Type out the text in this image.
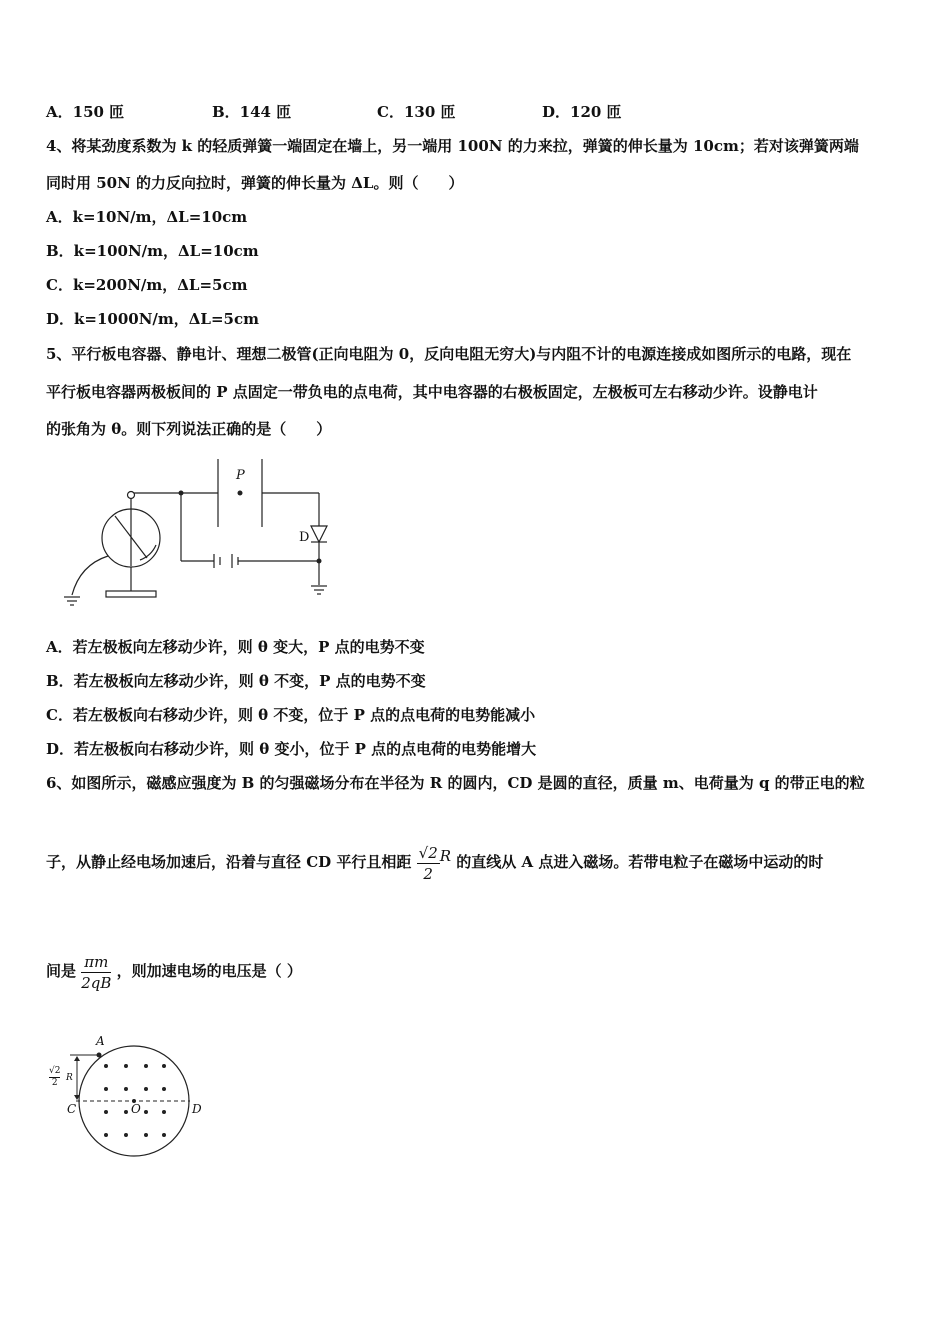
A．150 匝	B．144 匝	C．130 匝	D．120 匝
4、将某劲度系数为 k 的轻质弹簧一端固定在墙上，另一端用 100N 的力来拉，弹簧的伸长量为 10cm；若对该弹簧两端
同时用 50N 的力反向拉时，弹簧的伸长量为 ΔL。则（　　）
A．k=10N/m，ΔL=10cm
B．k=100N/m，ΔL=10cm
C．k=200N/m，ΔL=5cm
D．k=1000N/m，ΔL=5cm
5、平行板电容器、静电计、理想二极管(正向电阻为 0，反向电阻无穷大)与内阻不计的电源连接成如图所示的电路，现在
平行板电容器两极板间的 P 点固定一带负电的点电荷，其中电容器的右极板固定，左极板可左右移动少许。设静电计
的张角为 θ。则下列说法正确的是（　　）
P
D
A．若左极板向左移动少许，则 θ 变大，P 点的电势不变
B．若左极板向左移动少许，则 θ 不变，P 点的电势不变
C．若左极板向右移动少许，则 θ 不变，位于 P 点的点电荷的电势能减小
D．若左极板向右移动少许，则 θ 变小，位于 P 点的点电荷的电势能增大
6、如图所示，磁感应强度为 B 的匀强磁场分布在半径为 R 的圆内，CD 是圆的直径，质量 m、电荷量为 q 的带正电的粒
子，从静止经电场加速后，沿着与直径 CD 平行且相距 $\frac{√2}{2}$ R 的直线从 A 点进入磁场。若带电粒子在磁场中运动的时
间是 $\frac{\pi m}{2qB}$ ，则加速电场的电压是（ ）
A
C	D
O
√2
2 R
